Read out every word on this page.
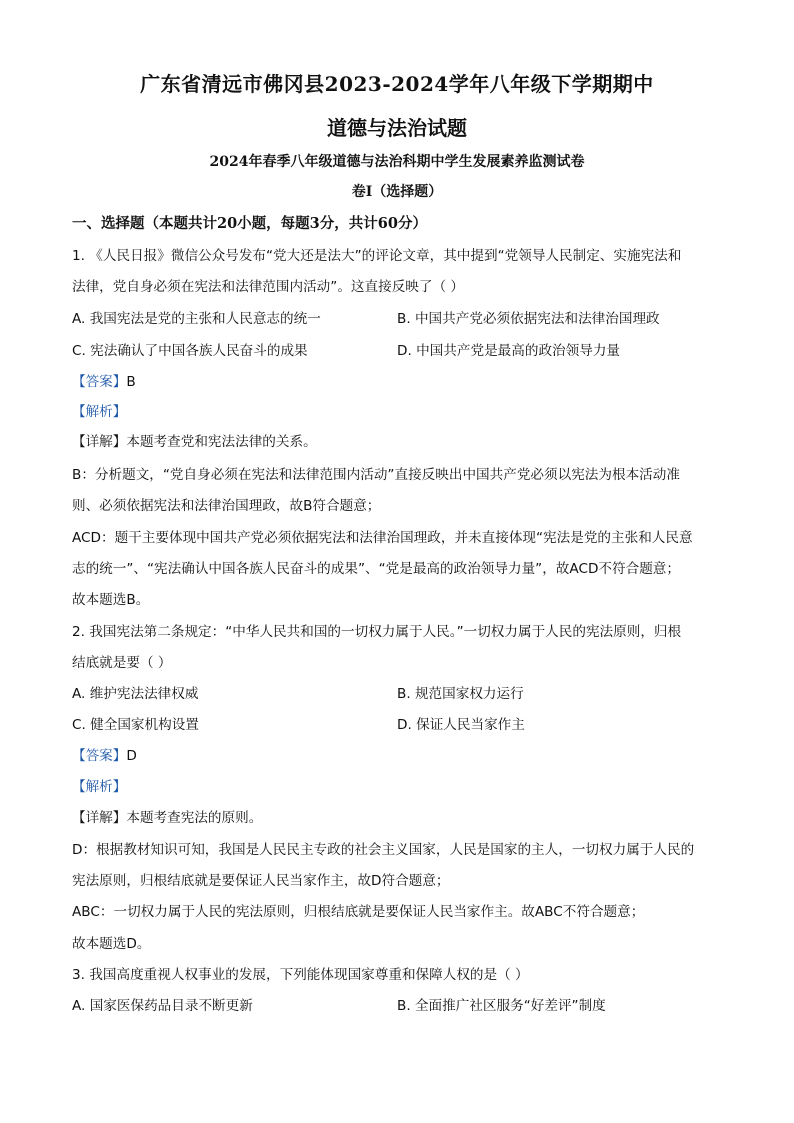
广东省清远市佛冈县2023-2024学年八年级下学期期中
道德与法治试题
2024年春季八年级道德与法治科期中学生发展素养监测试卷
卷Ⅰ（选择题）
一、选择题（本题共计20小题，每题3分，共计60分）
1. 《人民日报》微信公众号发布“党大还是法大”的评论文章，其中提到“党领导人民制定、实施宪法和
法律，党自身必须在宪法和法律范围内活动”。这直接反映了（ ）
A. 我国宪法是党的主张和人民意志的统一	B. 中国共产党必须依据宪法和法律治国理政
C. 宪法确认了中国各族人民奋斗的成果	D. 中国共产党是最高的政治领导力量
【答案】B
【解析】
【详解】本题考查党和宪法法律的关系。
B：分析题文，“党自身必须在宪法和法律范围内活动”直接反映出中国共产党必须以宪法为根本活动准
则、必须依据宪法和法律治国理政，故B符合题意；
ACD：题干主要体现中国共产党必须依据宪法和法律治国理政，并未直接体现“宪法是党的主张和人民意
志的统一”、“宪法确认中国各族人民奋斗的成果”、“党是最高的政治领导力量”，故ACD不符合题意；
故本题选B。
2. 我国宪法第二条规定：“中华人民共和国的一切权力属于人民。”一切权力属于人民的宪法原则，归根
结底就是要（ ）
A. 维护宪法法律权威	B. 规范国家权力运行
C. 健全国家机构设置	D. 保证人民当家作主
【答案】D
【解析】
【详解】本题考查宪法的原则。
D：根据教材知识可知，我国是人民民主专政的社会主义国家，人民是国家的主人，一切权力属于人民的
宪法原则，归根结底就是要保证人民当家作主，故D符合题意；
ABC：一切权力属于人民的宪法原则，归根结底就是要保证人民当家作主。故ABC不符合题意；
故本题选D。
3. 我国高度重视人权事业的发展，下列能体现国家尊重和保障人权的是（ ）
A. 国家医保药品目录不断更新	B. 全面推广社区服务“好差评”制度
